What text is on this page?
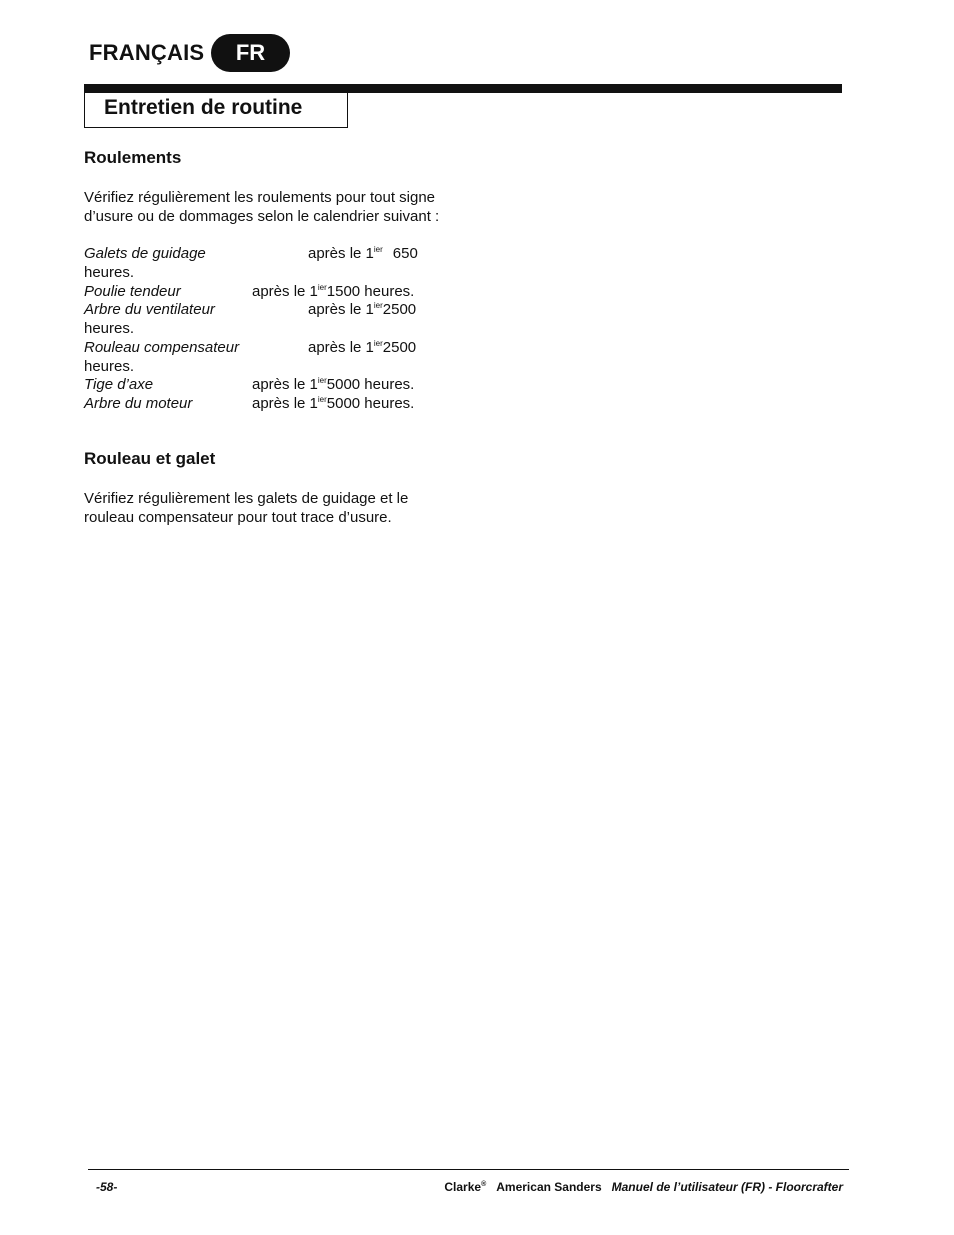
FRANÇAIS	FR
Entretien de routine
Roulements
Vérifiez régulièrement les roulements pour tout signe
d’usure ou de dommages selon le calendrier suivant :
Galets de guidage	après le $1^{ier}$ 650
heures.
Poulie tendeur	après le $1^{ier}1500$ heures.
Arbre du ventilateur	après le $1^{ier}2500$
heures.
Rouleau compensateur	après le $1^{ier}2500$
heures.
Tige d’axe	après le $1^{ier}5000$ heures.
Arbre du moteur	après le $1^{ier}5000$ heures.
Rouleau et galet
Vérifiez régulièrement les galets de guidage et le
rouleau compensateur pour tout trace d’usure.
-58-	Clarke® American Sanders Manuel de l’utilisateur (FR) - Floorcrafter
